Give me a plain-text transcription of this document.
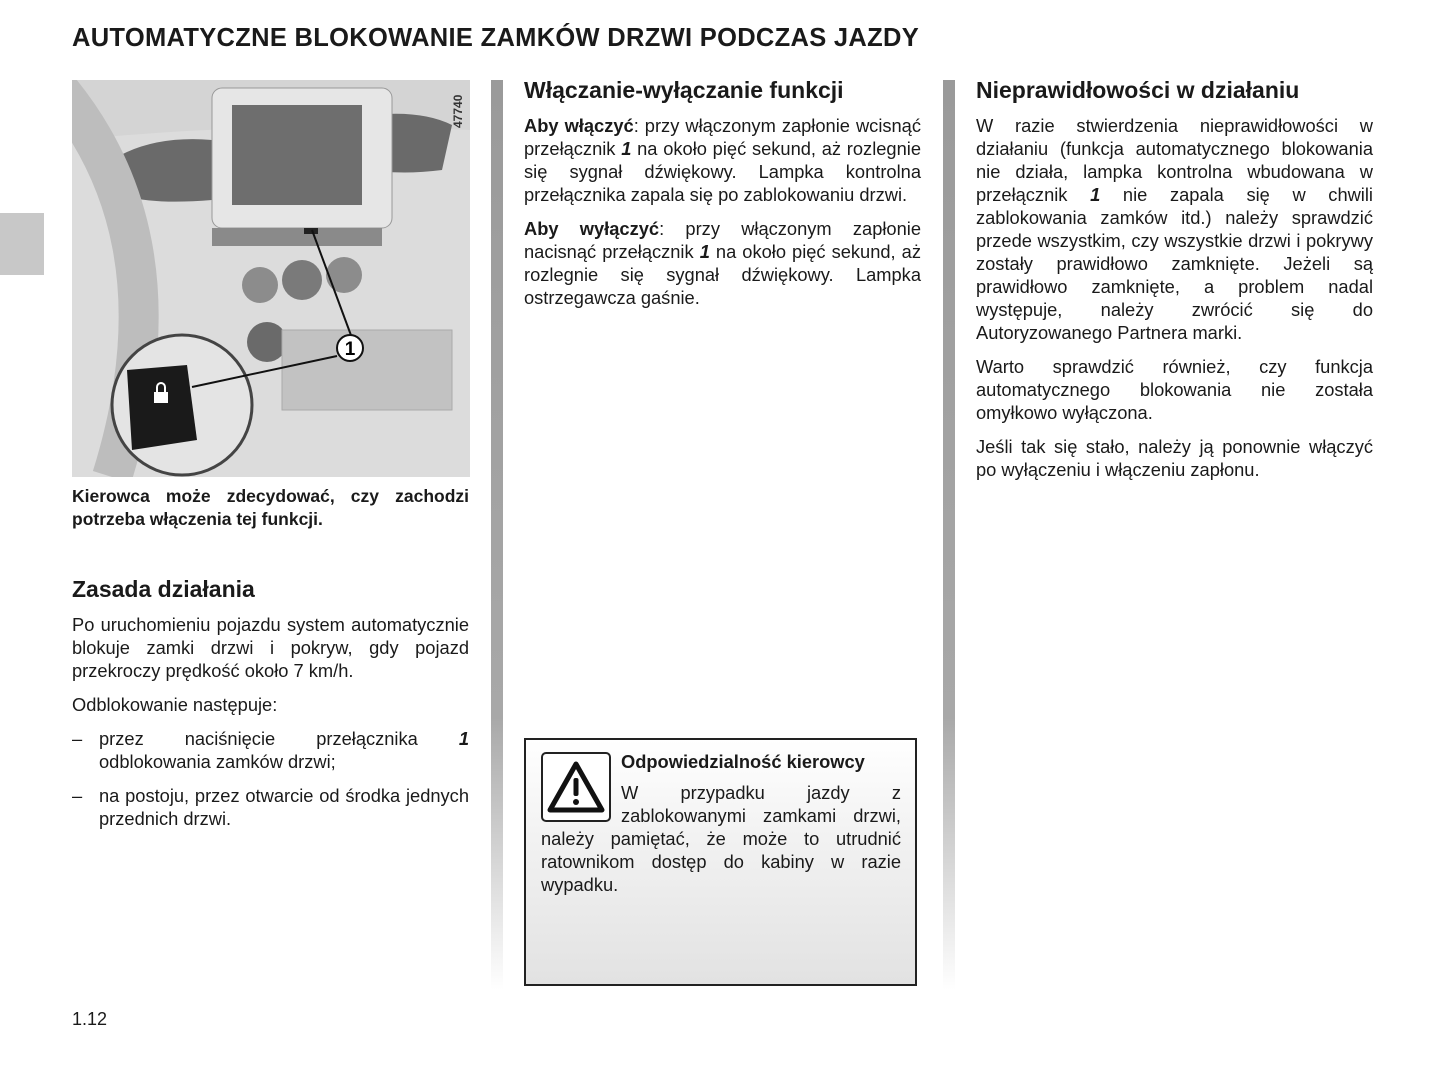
AUTOMATYCZNE BLOKOWANIE ZAMKÓW DRZWI PODCZAS JAZDY
1
47740
Kierowca może zdecydować, czy zachodzi potrzeba włączenia tej funkcji.
Zasada działania

Po uruchomieniu pojazdu system automatycznie blokuje zamki drzwi i pokryw, gdy pojazd przekroczy prędkość około 7 km/h.

Odblokowanie następuje:

– przez naciśnięcie przełącznika 1 odblokowania zamków drzwi;
– na postoju, przez otwarcie od środka jednych przednich drzwi.
Włączanie-wyłączanie funkcji

Aby włączyć: przy włączonym zapłonie wcisnąć przełącznik 1 na około pięć sekund, aż rozlegnie się sygnał dźwiękowy. Lampka kontrolna przełącznika zapala się po zablokowaniu drzwi.

Aby wyłączyć: przy włączonym zapłonie nacisnąć przełącznik 1 na około pięć sekund, aż rozlegnie się sygnał dźwiękowy. Lampka ostrzegawcza gaśnie.

Odpowiedzialność kierowcy
W przypadku jazdy z zablokowanymi zamkami drzwi, należy pamiętać, że może to utrudnić ratownikom dostęp do kabiny w razie wypadku.
Nieprawidłowości w działaniu

W razie stwierdzenia nieprawidłowości w działaniu (funkcja automatycznego blokowania nie działa, lampka kontrolna wbudowana w przełącznik 1 nie zapala się w chwili zablokowania zamków itd.) należy sprawdzić przede wszystkim, czy wszystkie drzwi i pokrywy zostały prawidłowo zamknięte. Jeżeli są prawidłowo zamknięte, a problem nadal występuje, należy zwrócić się do Autoryzowanego Partnera marki.

Warto sprawdzić również, czy funkcja automatycznego blokowania nie została omyłkowo wyłączona.

Jeśli tak się stało, należy ją ponownie włączyć po wyłączeniu i włączeniu zapłonu.

1.12
